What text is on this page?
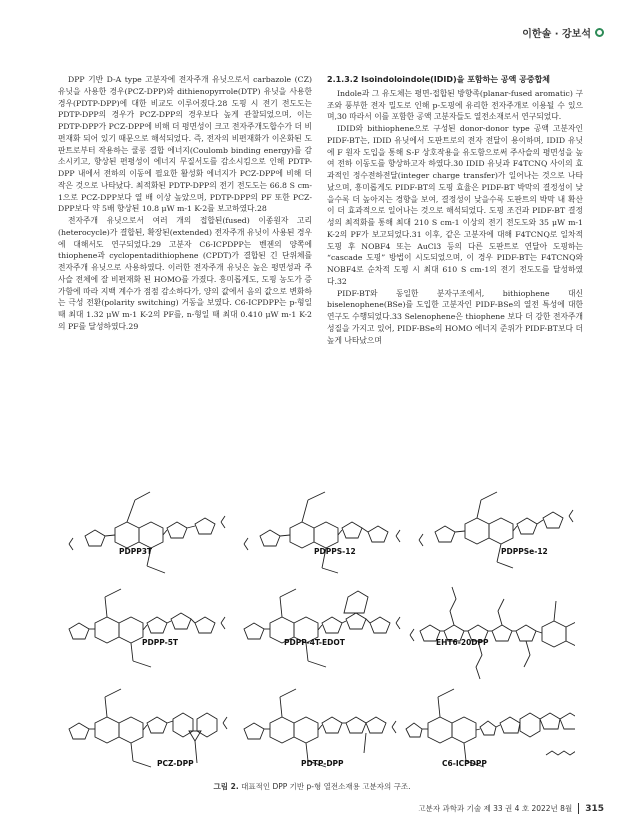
이한솔 · 강보석

DPP 기반 D-A type 고분자에 전자주개 유닛으로서 carbazole (CZ) 유닛을 사용한 경우(PCZ-DPP)와 dithienopyrrole(DTP) 유닛을 사용한 경우(PDTP-DPP)에 대한 비교도 이루어졌다.28 도핑 시 전기 전도도는 PDTP-DPP의 경우가 PCZ-DPP의 경우보다 높게 관찰되었으며, 이는 PDTP-DPP가 PCZ-DPP에 비해 더 평면성이 크고 전자주개도합수가 더 비편재화 되어 있기 때문으로 해석되었다. 즉, 전자의 비편재화가 이온화된 도판트로부터 작용하는 쿨롱 결합 에너지(Coulomb binding energy)를 감소시키고, 향상된 편평성이 에너지 무질서도를 감소시킴으로 인해 PDTP-DPP 내에서 전하의 이동에 필요한 활성화 에너지가 PCZ-DPP에 비해 더 작은 것으로 나타났다. 최적화된 PDTP-DPP의 전기 전도도는 66.8 S cm-1으로 PCZ-DPP보다 열 배 이상 높았으며, PDTP-DPP의 PF 또한 PCZ-DPP보다 약 5배 향상된 10.8 μW m-1 K-2를 보고하였다.28

전자주개 유닛으로서 여러 개의 접합된(fused) 이종원자 고리(heterocycle)가 결합된, 확장된(extended) 전자주개 유닛이 사용된 경우에 대해서도 연구되었다.29 고분자 C6-ICPDPP는 벤젠의 양쪽에 thiophene과 cyclopentadithiophene (CPDT)가 결합된 긴 단위체를 전자주개 유닛으로 사용하였다. 이러한 전자주개 유닛은 높은 평면성과 주사슬 전체에 잘 비편재화 된 HOMO를 가졌다. 흥미롭게도, 도핑 농도가 증가함에 따라 지백 계수가 점점 감소하다가, 양의 값에서 음의 값으로 변화하는 극성 전환(polarity switching) 거동을 보였다. C6-ICPDPP는 p-형일 때 최대 1.32 μW m-1 K-2의 PF를, n-형일 때 최대 0.410 μW m-1 K-2의 PF를 달성하였다.29

2.1.3.2 Isoindoloindole(IDID)을 포함하는 공액 공중합체

Indole과 그 유도체는 평면-접합된 방향족(planar-fused aromatic) 구조와 풍부한 전자 밀도로 인해 p-도핑에 유리한 전자주개로 이용될 수 있으며,30 따라서 이를 포함한 공액 고분자들도 열전소재로서 연구되었다.

IDID와 bithiophene으로 구성된 donor-donor type 공액 고분자인 PIDF-BT는, IDID 유닛에서 도판트로의 전자 전달이 용이하며, IDID 유닛에 F 원자 도입을 통해 S-F 상호작용을 유도함으로써 주사슬의 평면성을 높여 전하 이동도를 향상하고자 하였다.30 IDID 유닛과 F4TCNQ 사이의 효과적인 정수전하전달(integer charge transfer)가 일어나는 것으로 나타났으며, 흥미롭게도 PIDF-BT의 도핑 효율은 PIDF-BT 박막의 결정성이 낮을수록 더 높아지는 경향을 보여, 결정성이 낮을수록 도판트의 박막 내 확산이 더 효과적으로 일어나는 것으로 해석되었다. 도핑 조건과 PIDF-BT 결정성의 최적화를 통해 최대 210 S cm-1 이상의 전기 전도도와 35 μW m-1 K-2의 PF가 보고되었다.31 이후, 같은 고분자에 대해 F4TCNQ로 일차적 도핑 후 NOBF4 또는 AuCl3 등의 다른 도판트로 연달아 도핑하는 “cascade 도핑” 방법이 시도되었으며, 이 경우 PIDF-BT는 F4TCNQ와 NOBF4로 순차적 도핑 시 최대 610 S cm-1의 전기 전도도를 달성하였다.32

PIDF-BT와 동일한 분자구조에서, bithiophene 대신 biselenophene(BSe)를 도입한 고분자인 PIDF-BSe의 열전 특성에 대한 연구도 수행되었다.33 Selenophene은 thiophene 보다 더 강한 전자주개 성질을 가지고 있어, PIDF-BSe의 HOMO 에너지 준위가 PIDF-BT보다 더 높게 나타났으며

PDPP3T	PDPPS-12	PDPPSe-12
PDPP-5T	PDPP-4T-EDOT	EHT6-20DPP
PCZ-DPP	PDTP-DPP	C6-ICPDPP
그림 2. 대표적인 DPP 기반 p-형 열전소재용 고분자의 구조.
고분자 과학과 기술 제 33 권 4 호 2022년 8월 315
